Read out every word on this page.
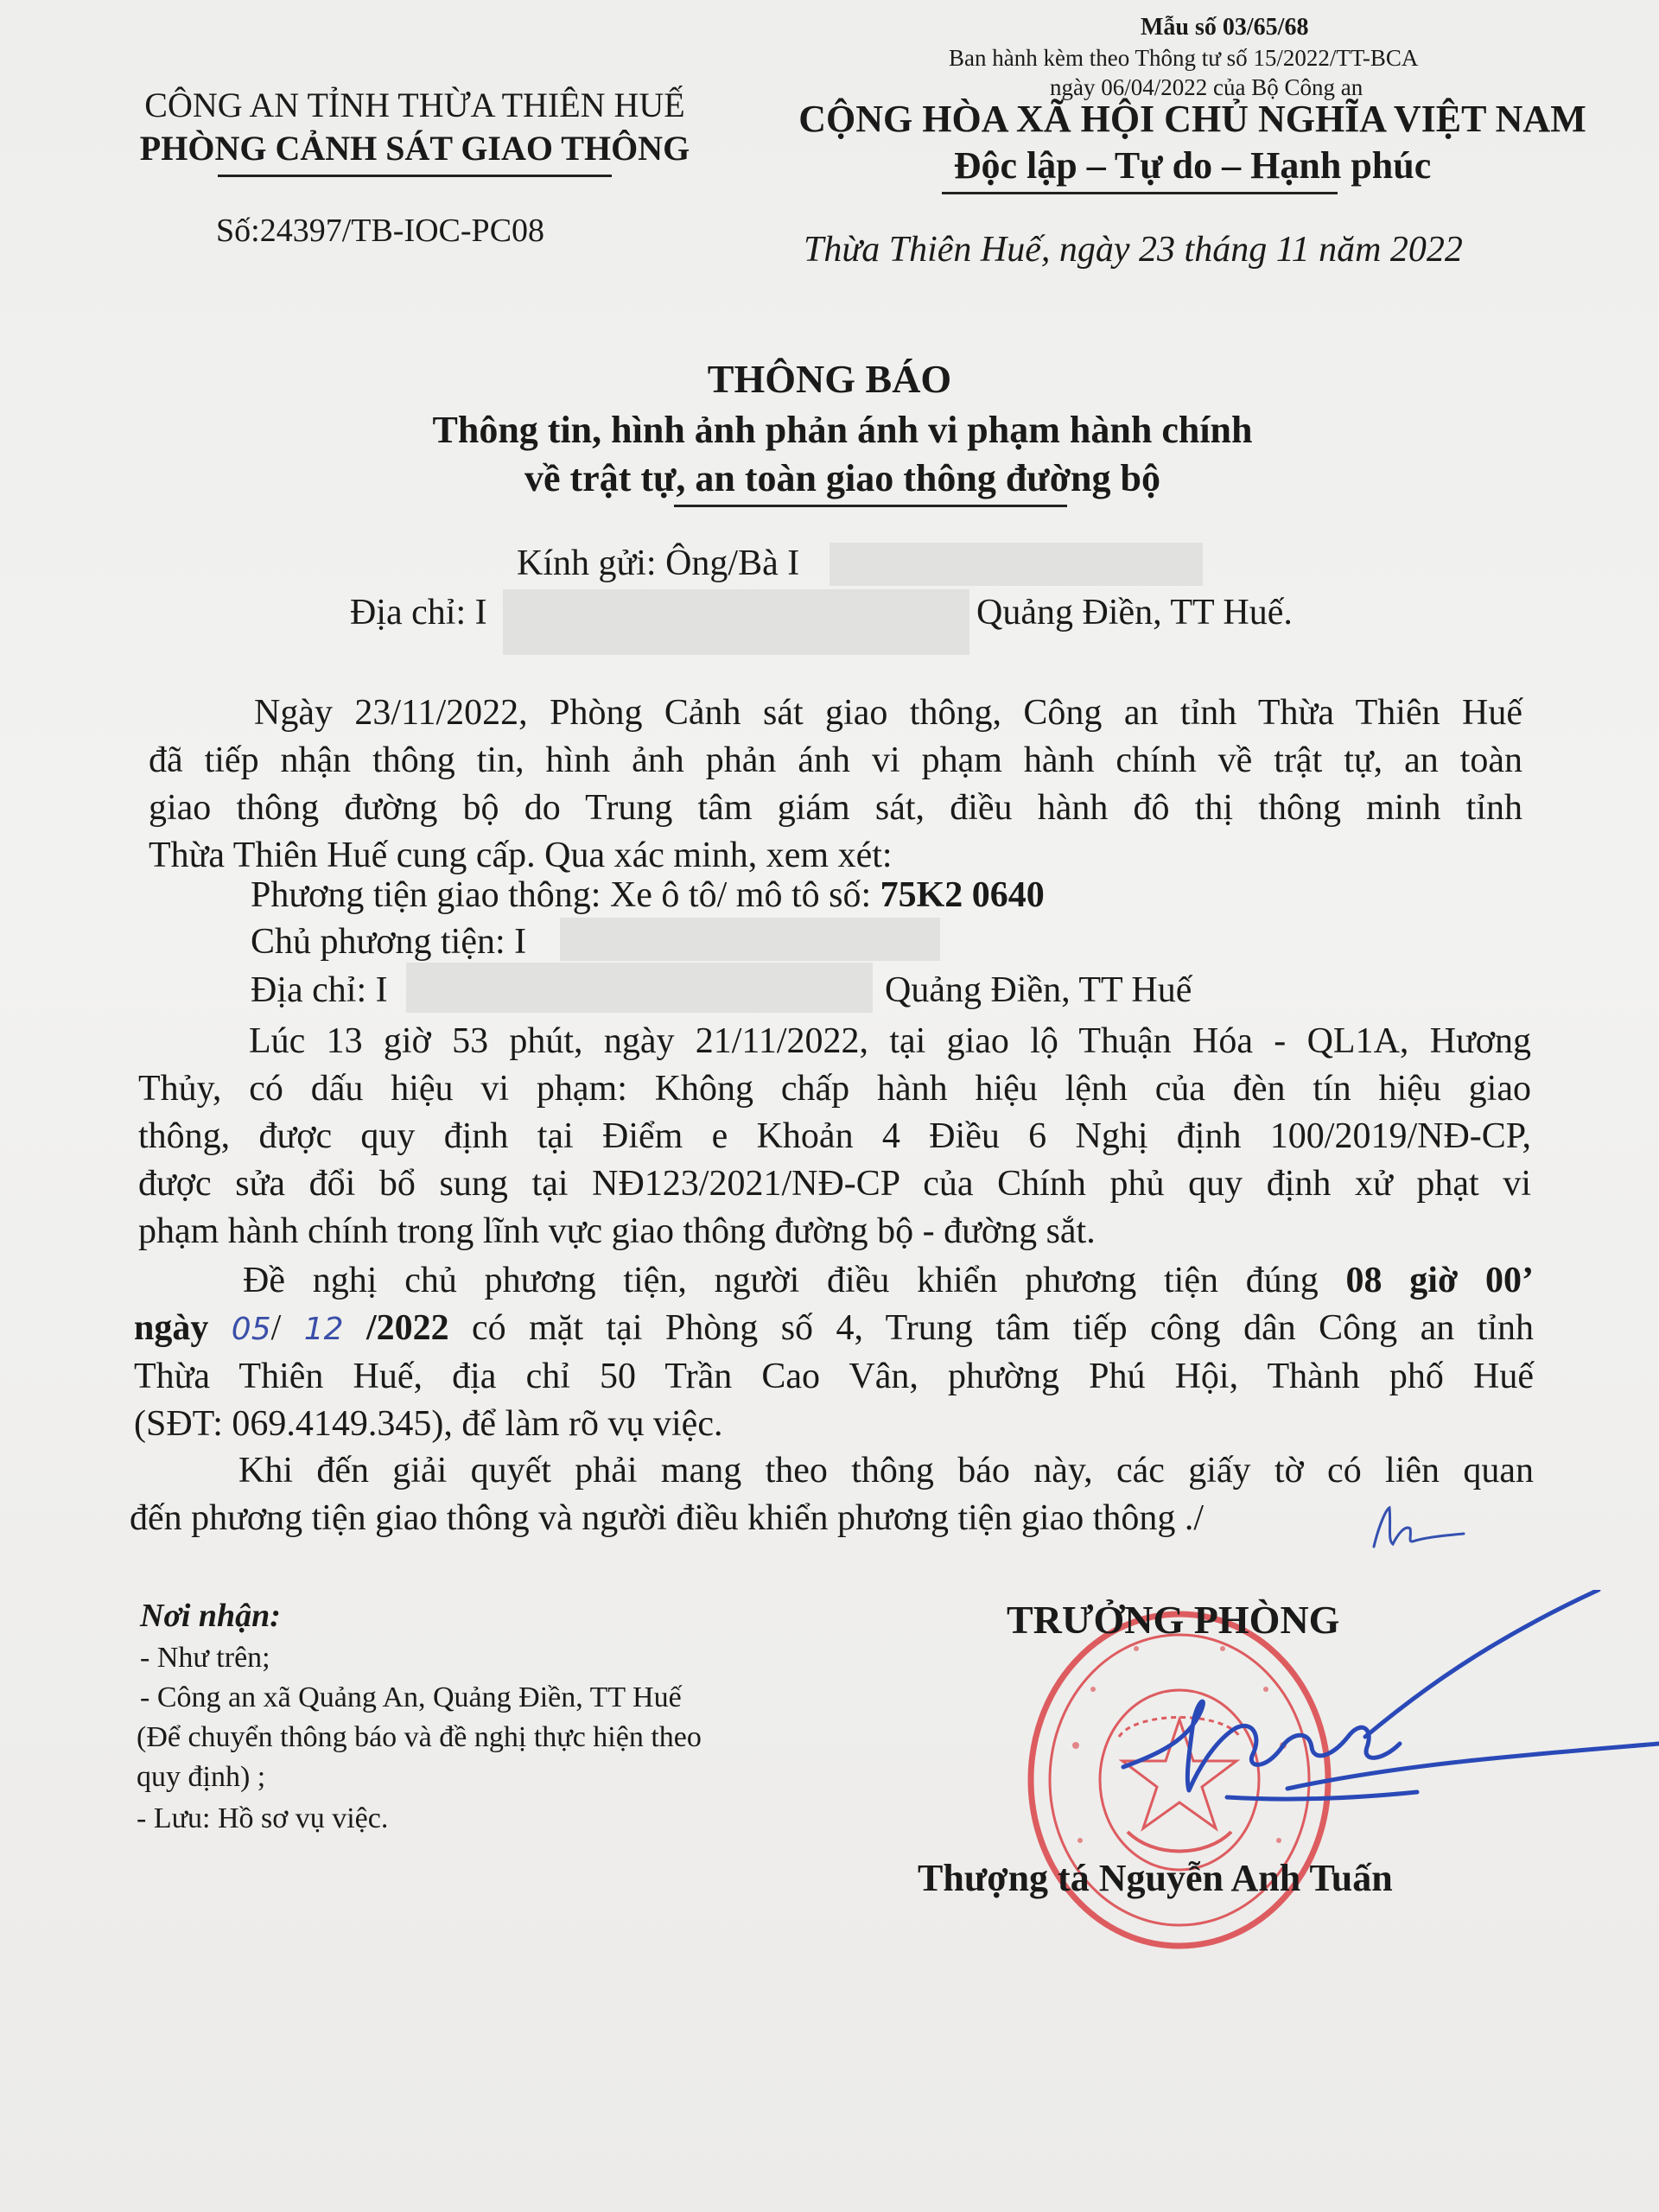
Mẫu số 03/65/68
Ban hành kèm theo Thông tư số 15/2022/TT-BCA
ngày 06/04/2022 của Bộ Công an
CÔNG AN TỈNH THỪA THIÊN HUẾ
PHÒNG CẢNH SÁT GIAO THÔNG
CỘNG HÒA XÃ HỘI CHỦ NGHĨA VIỆT NAM
Độc lập – Tự do – Hạnh phúc
Số:24397/TB-IOC-PC08	Thừa Thiên Huế, ngày 23 tháng 11 năm 2022
THÔNG BÁO
Thông tin, hình ảnh phản ánh vi phạm hành chính
về trật tự, an toàn giao thông đường bộ
Kính gửi: Ông/Bà I
Địa chỉ: I	Quảng Điền, TT Huế.
Ngày 23/11/2022, Phòng Cảnh sát giao thông, Công an tỉnh Thừa Thiên Huế
đã tiếp nhận thông tin, hình ảnh phản ánh vi phạm hành chính về trật tự, an toàn
giao thông đường bộ do Trung tâm giám sát, điều hành đô thị thông minh tỉnh
Thừa Thiên Huế cung cấp. Qua xác minh, xem xét:
Phương tiện giao thông: Xe ô tô/ mô tô số: 75K2 0640
Chủ phương tiện: I
Địa chỉ: I	Quảng Điền, TT Huế
Lúc 13 giờ 53 phút, ngày 21/11/2022, tại giao lộ Thuận Hóa - QL1A, Hương
Thủy, có dấu hiệu vi phạm: Không chấp hành hiệu lệnh của đèn tín hiệu giao
thông, được quy định tại Điểm e Khoản 4 Điều 6 Nghị định 100/2019/NĐ-CP,
được sửa đổi bổ sung tại NĐ123/2021/NĐ-CP của Chính phủ quy định xử phạt vi
phạm hành chính trong lĩnh vực giao thông đường bộ - đường sắt.
Đề nghị chủ phương tiện, người điều khiển phương tiện đúng 08 giờ 00’
ngày 05/ 12 /2022 có mặt tại Phòng số 4, Trung tâm tiếp công dân Công an tỉnh
Thừa Thiên Huế, địa chỉ 50 Trần Cao Vân, phường Phú Hội, Thành phố Huế
(SĐT: 069.4149.345), để làm rõ vụ việc.
Khi đến giải quyết phải mang theo thông báo này, các giấy tờ có liên quan
đến phương tiện giao thông và người điều khiển phương tiện giao thông ./
Nơi nhận:
- Như trên;
- Công an xã Quảng An, Quảng Điền, TT Huế
(Để chuyển thông báo và đề nghị thực hiện theo
quy định) ;
- Lưu: Hồ sơ vụ việc.
TRƯỞNG PHÒNG
Thượng tá Nguyễn Anh Tuấn
